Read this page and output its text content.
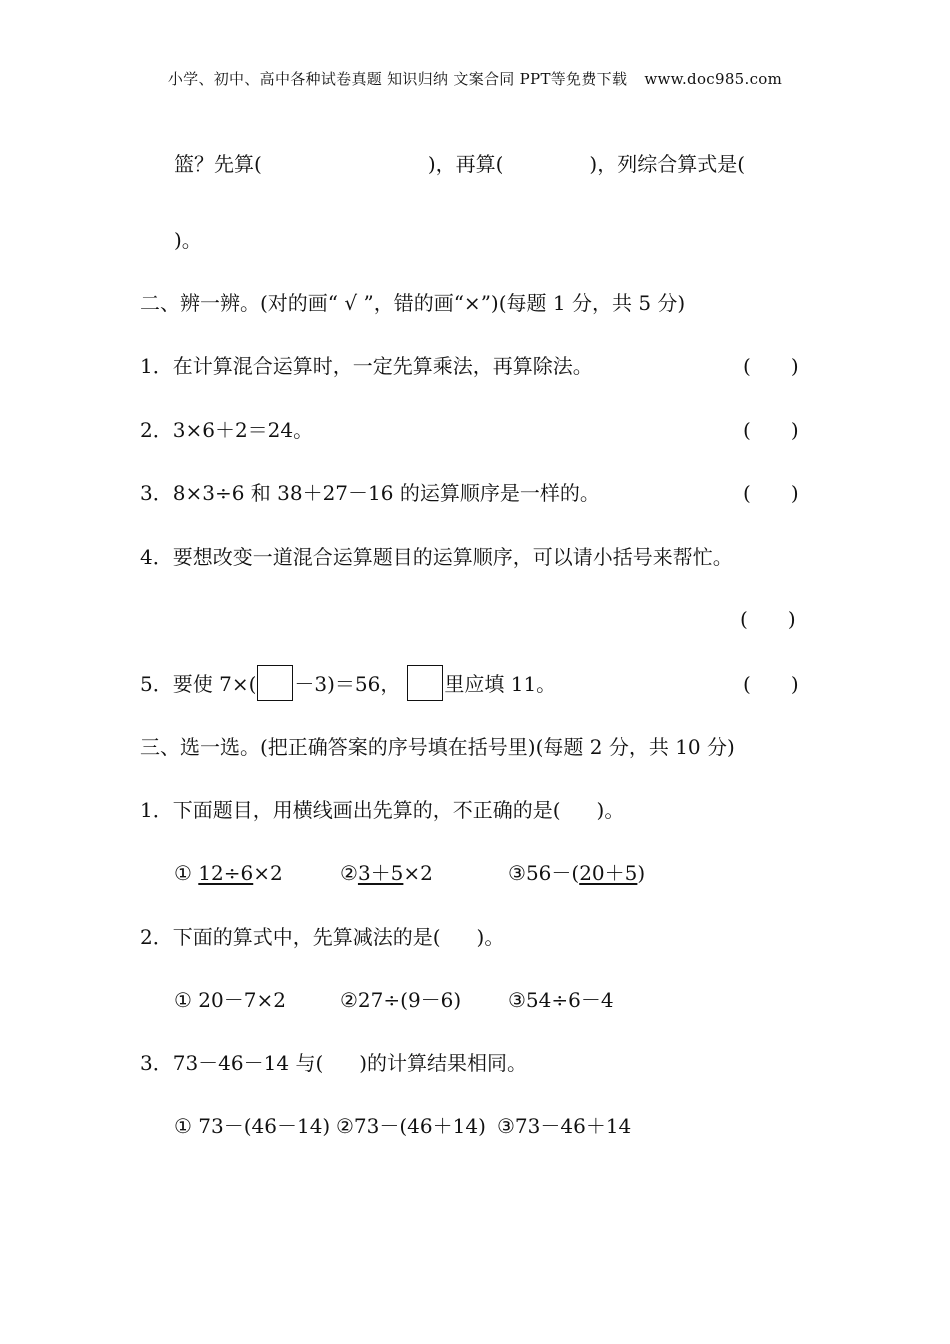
小学、初中、高中各种试卷真题 知识归纳 文案合同 PPT等免费下载 www.doc985.com
篮？先算(	)，再算(	)，列综合算式是(
)。
二、辨一辨。(对的画“ √ ”，错的画“×”)(每题 1 分，共 5 分)
1．在计算混合运算时，一定先算乘法，再算除法。	( )
2．3×6＋2＝24。	( )
3．8×3÷6 和 38＋27－16 的运算顺序是一样的。	( )
4．要想改变一道混合运算题目的运算顺序，可以请小括号来帮忙。
( )
5．要使 7×( －3)＝56， 里应填 11。	( )
三、选一选。(把正确答案的序号填在括号里)(每题 2 分，共 10 分)
1．下面题目，用横线画出先算的，不正确的是( )。
① 12÷6×2	②3＋5×2	③56－(20＋5)
2．下面的算式中，先算减法的是( )。
① 20－7×2	②27÷(9－6) ③54÷6－4
3．73－46－14 与( )的计算结果相同。
① 73－(46－14) ②73－(46＋14) ③73－46＋14
